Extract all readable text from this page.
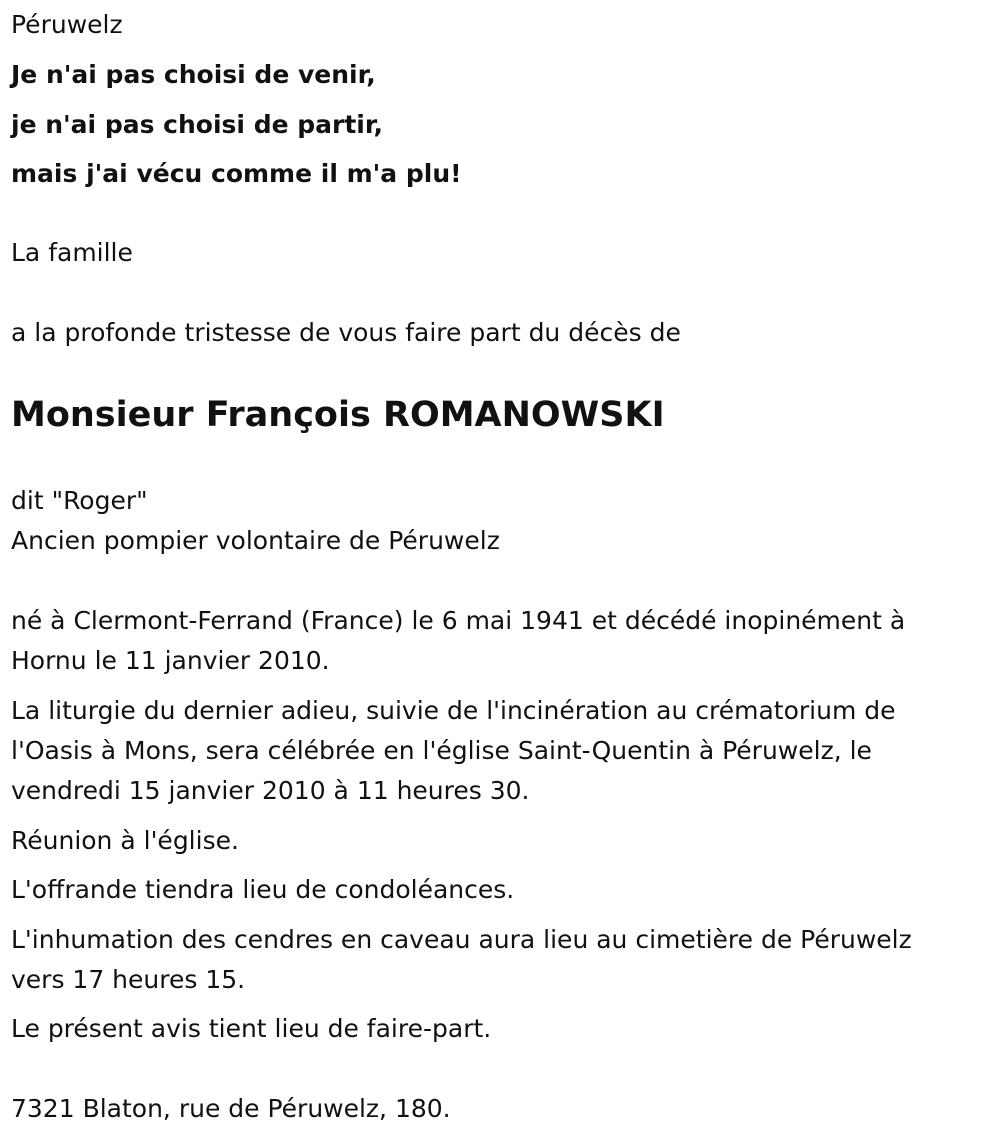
Péruwelz
Je n'ai pas choisi de venir,
je n'ai pas choisi de partir,
mais j'ai vécu comme il m'a plu!
La famille
a la profonde tristesse de vous faire part du décès de
Monsieur François ROMANOWSKI
dit "Roger"
Ancien pompier volontaire de Péruwelz
né à Clermont-Ferrand (France) le 6 mai 1941 et décédé inopinément à
Hornu le 11 janvier 2010.
La liturgie du dernier adieu, suivie de l'incinération au crématorium de
l'Oasis à Mons, sera célébrée en l'église Saint-Quentin à Péruwelz, le
vendredi 15 janvier 2010 à 11 heures 30.
Réunion à l'église.
L'offrande tiendra lieu de condoléances.
L'inhumation des cendres en caveau aura lieu au cimetière de Péruwelz
vers 17 heures 15.
Le présent avis tient lieu de faire-part.
7321 Blaton, rue de Péruwelz, 180.
